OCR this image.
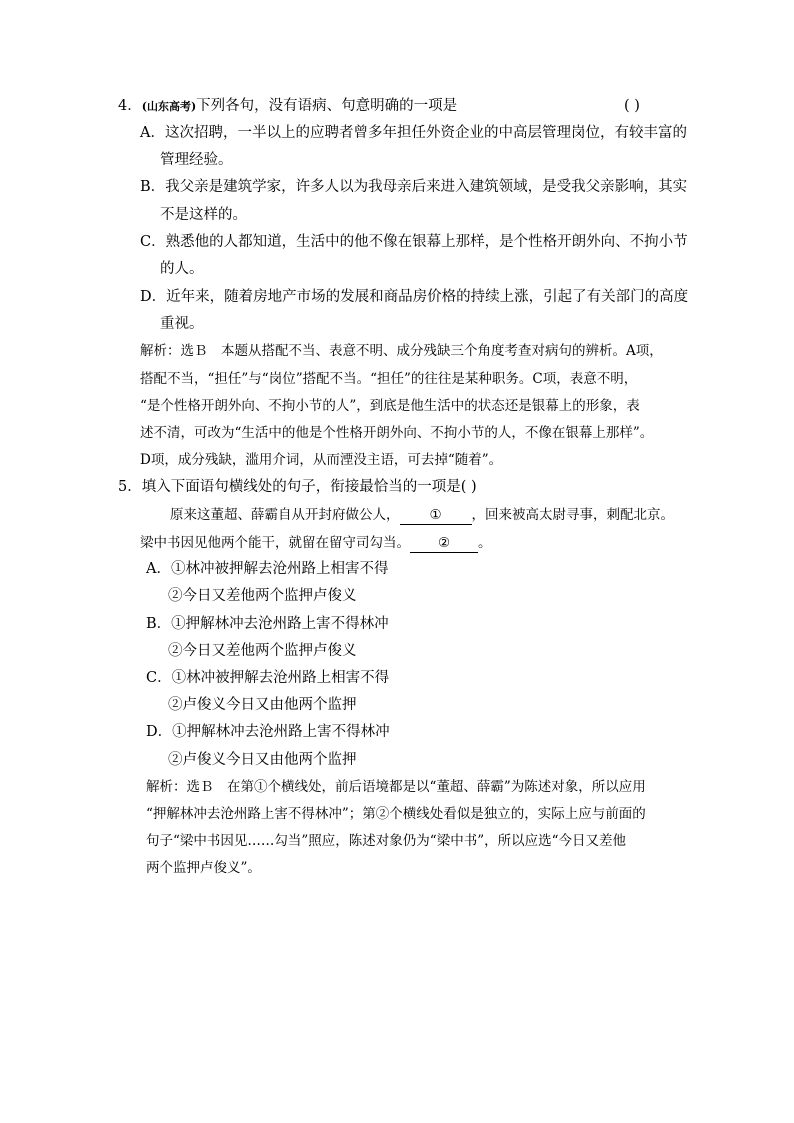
4．(山东高考)下列各句，没有语病、句意明确的一项是	( )
A．这次招聘，一半以上的应聘者曾多年担任外资企业的中高层管理岗位，有较丰富的
管理经验。
B．我父亲是建筑学家，许多人以为我母亲后来进入建筑领域，是受我父亲影响，其实
不是这样的。
C．熟悉他的人都知道，生活中的他不像在银幕上那样，是个性格开朗外向、不拘小节
的人。
D．近年来，随着房地产市场的发展和商品房价格的持续上涨，引起了有关部门的高度
重视。
解析：选Ｂ　本题从搭配不当、表意不明、成分残缺三个角度考查对病句的辨析。A项，
搭配不当，“担任”与“岗位”搭配不当。“担任”的往往是某种职务。C项，表意不明，
“是个性格开朗外向、不拘小节的人”，到底是他生活中的状态还是银幕上的形象，表
述不清，可改为“生活中的他是个性格开朗外向、不拘小节的人，不像在银幕上那样”。
D项，成分残缺，滥用介词，从而湮没主语，可去掉“随着”。
5．填入下面语句横线处的句子，衔接最恰当的一项是( )
原来这董超、薛霸自从开封府做公人， ① ，回来被高太尉寻事，刺配北京。
梁中书因见他两个能干，就留在留守司勾当。 ② 。
A．①林冲被押解去沧州路上相害不得
②今日又差他两个监押卢俊义
B．①押解林冲去沧州路上害不得林冲
②今日又差他两个监押卢俊义
C．①林冲被押解去沧州路上相害不得
②卢俊义今日又由他两个监押
D．①押解林冲去沧州路上害不得林冲
②卢俊义今日又由他两个监押
解析：选Ｂ　在第①个横线处，前后语境都是以“董超、薛霸”为陈述对象，所以应用
“押解林冲去沧州路上害不得林冲”；第②个横线处看似是独立的，实际上应与前面的
句子“梁中书因见……勾当”照应，陈述对象仍为“梁中书”，所以应选“今日又差他
两个监押卢俊义”。
